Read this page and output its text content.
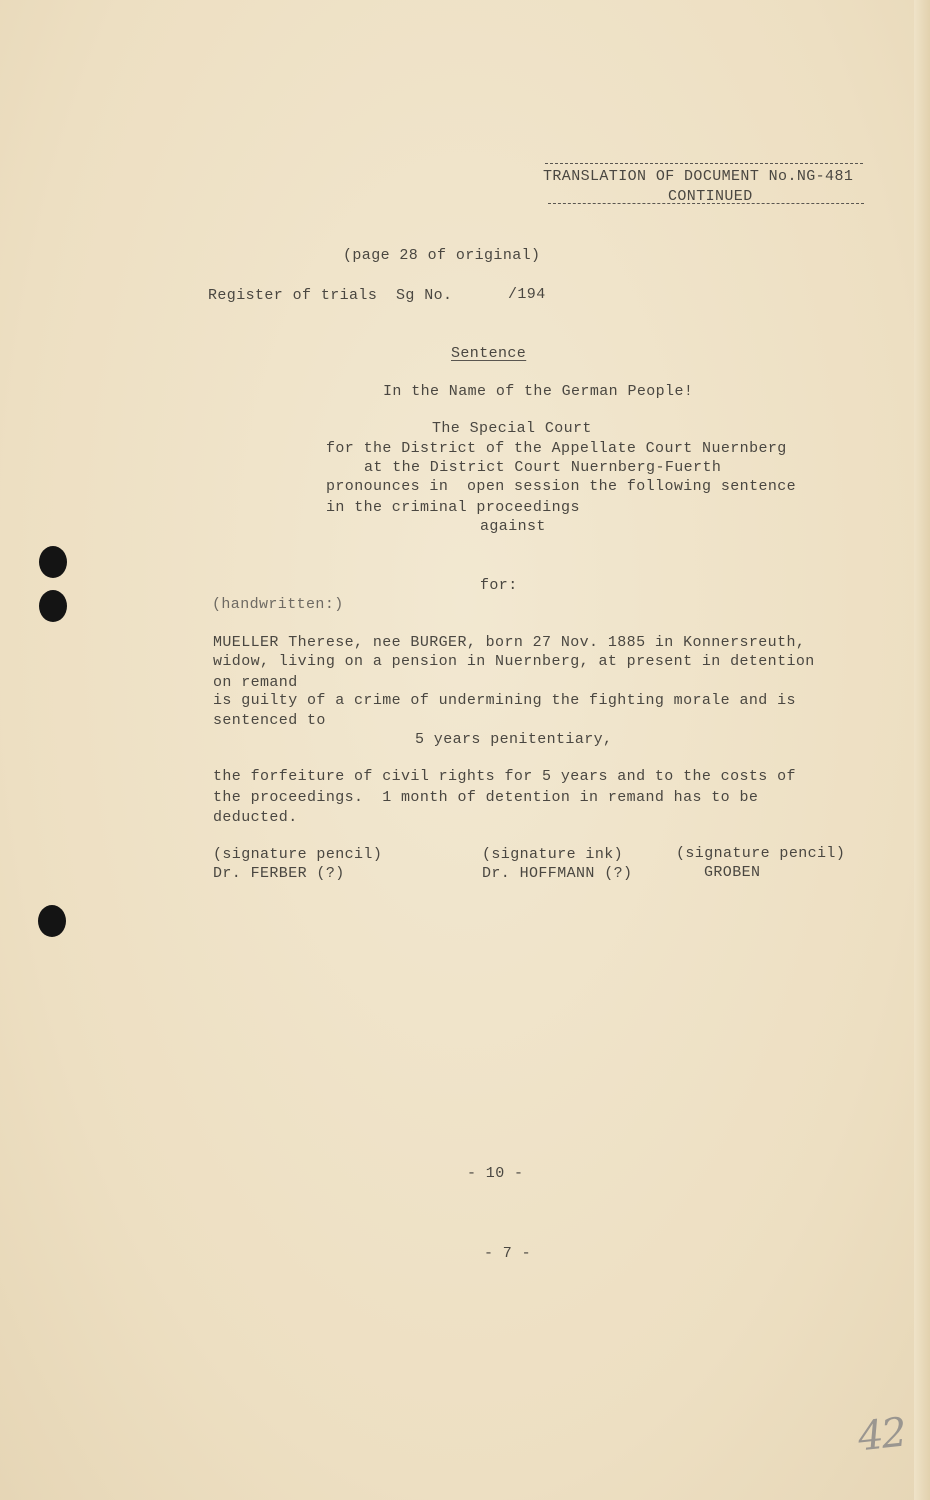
TRANSLATION OF DOCUMENT No.NG-481
CONTINUED
(page 28 of original)
Register of trials  Sg No.	/194
Sentence
In the Name of the German People!
The Special Court
for the District of the Appellate Court Nuernberg
at the District Court Nuernberg-Fuerth
pronounces in  open session the following sentence
in the criminal proceedings
against
for:
(handwritten:)
MUELLER Therese, nee BURGER, born 27 Nov. 1885 in Konnersreuth,
widow, living on a pension in Nuernberg, at present in detention
on remand
is guilty of a crime of undermining the fighting morale and is
sentenced to
5 years penitentiary,
the forfeiture of civil rights for 5 years and to the costs of
the proceedings.  1 month of detention in remand has to be
deducted.
(signature pencil)
Dr. FERBER (?)
(signature ink)
Dr. HOFFMANN (?)
(signature pencil)
GROBEN
- 10 -
- 7 -
42
